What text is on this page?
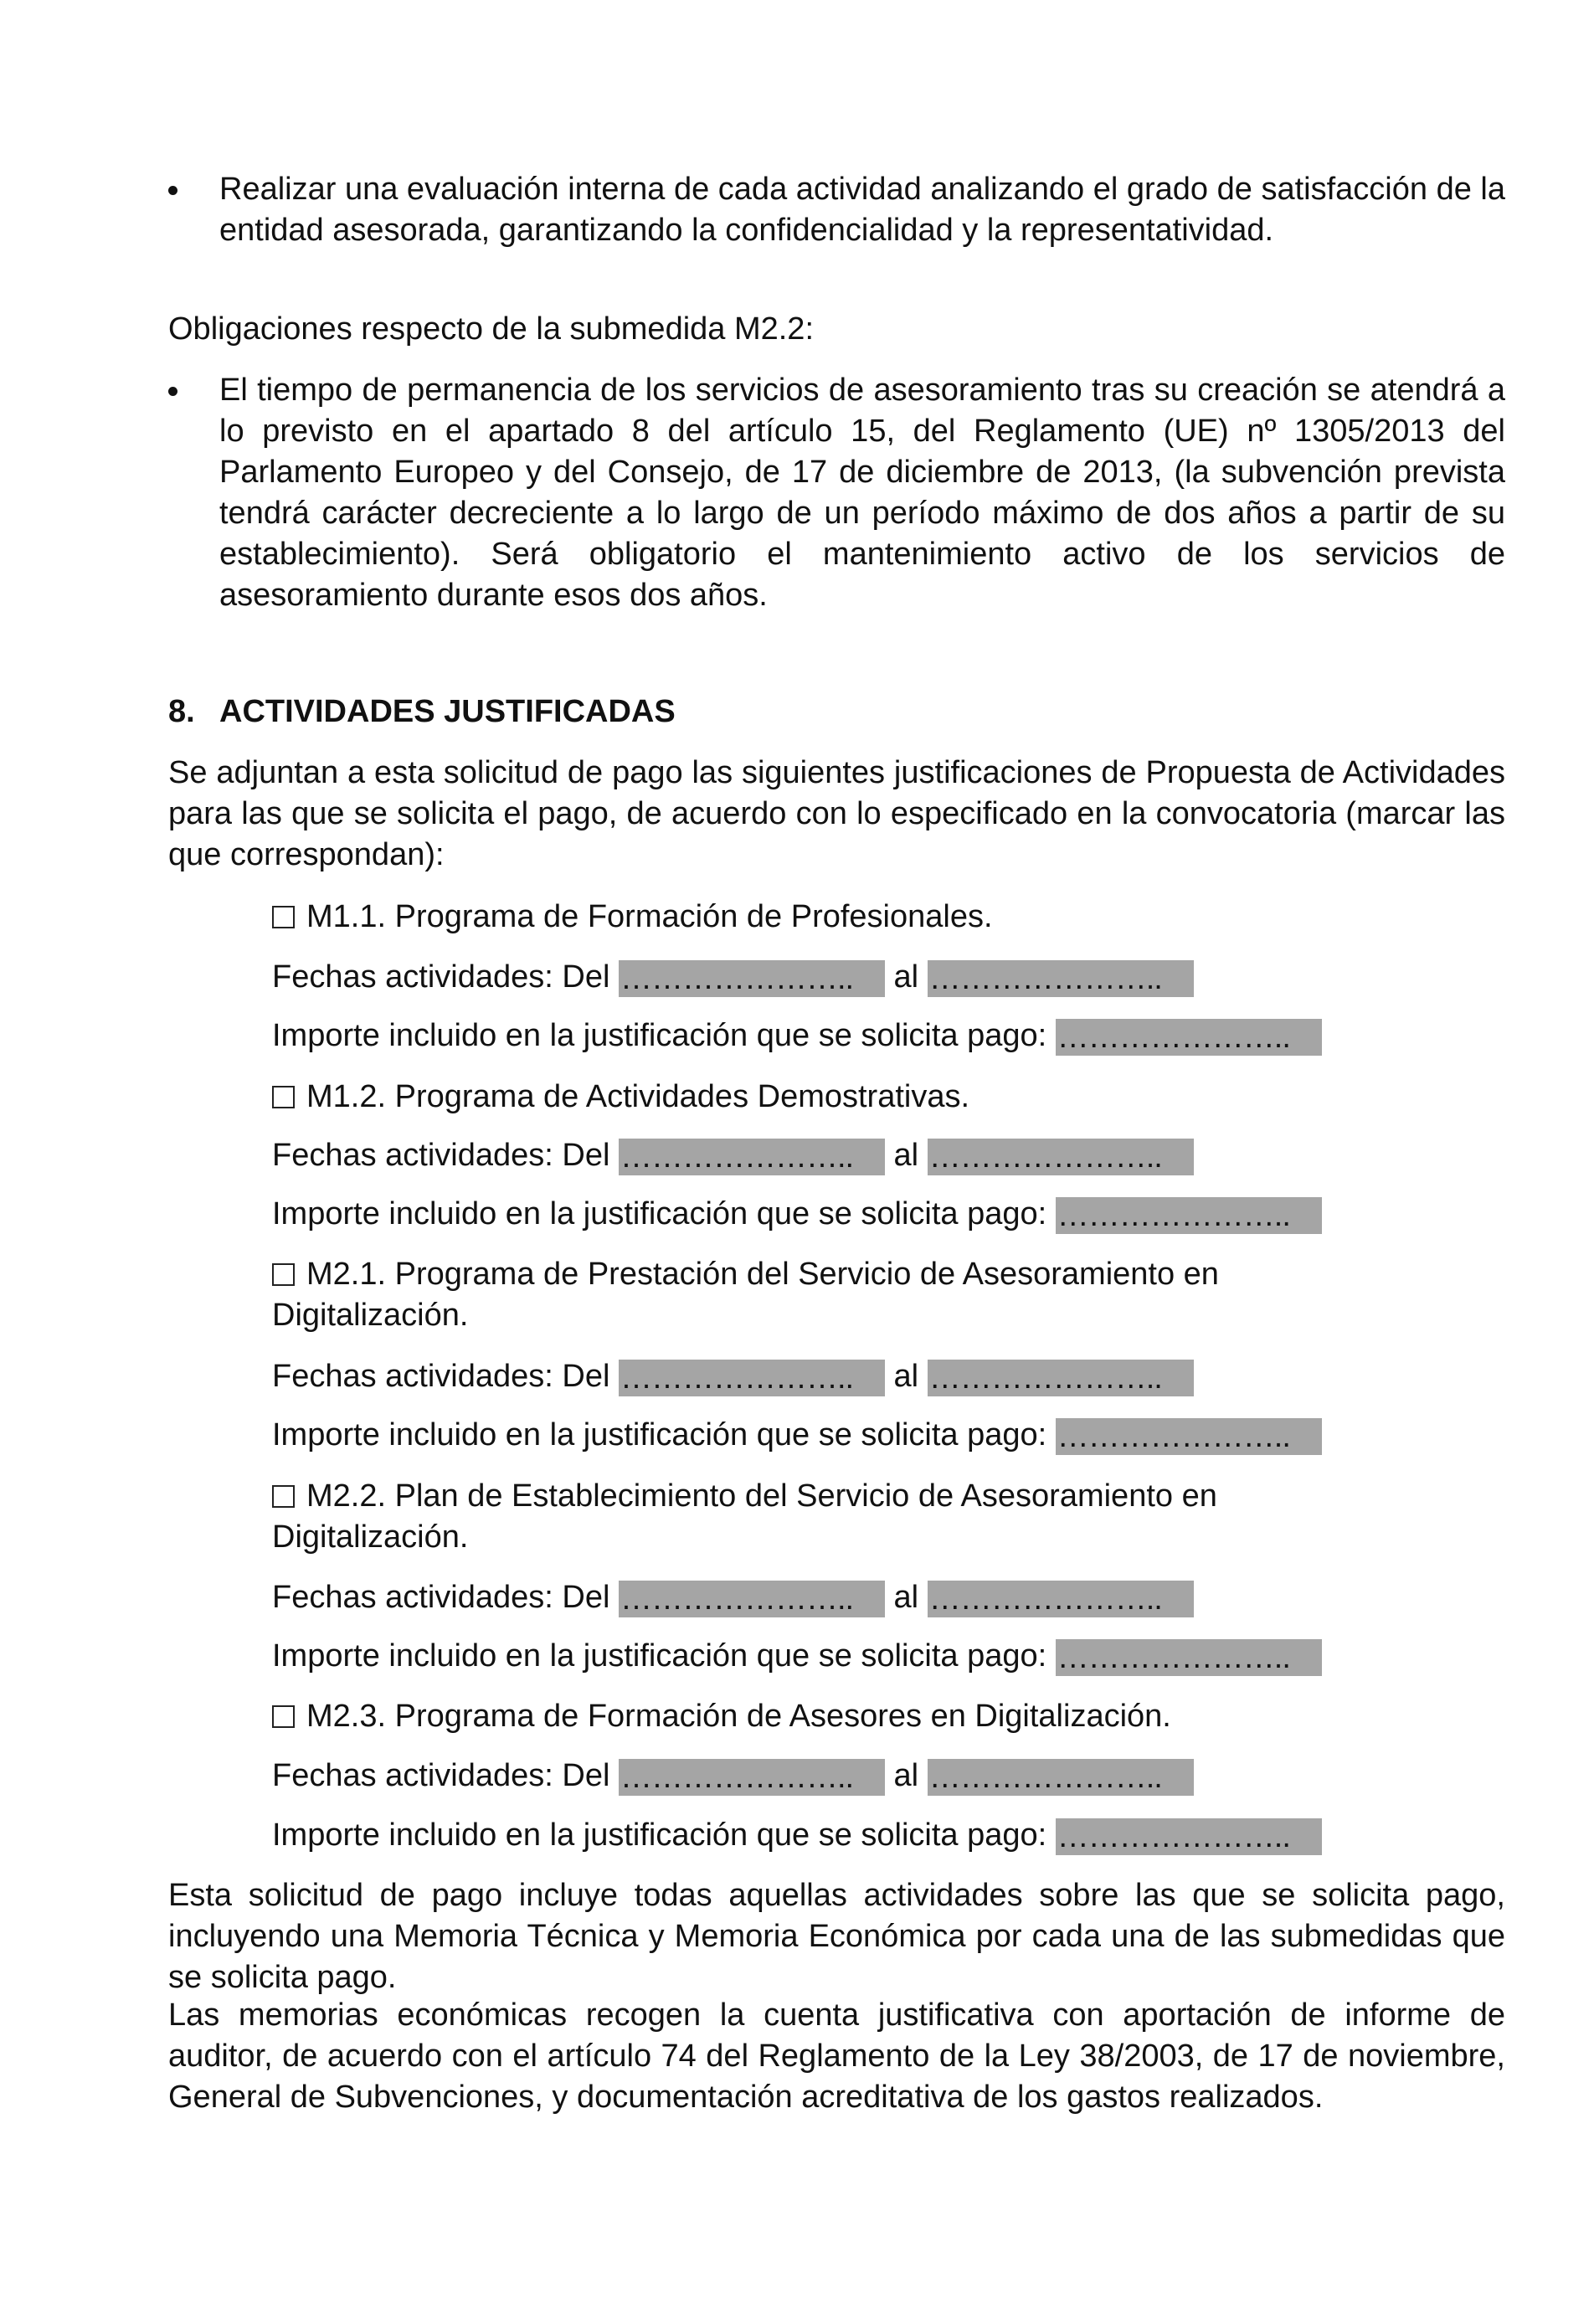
Realizar una evaluación interna de cada actividad analizando el grado de satisfacción de la entidad asesorada, garantizando la confidencialidad y la representatividad.

Obligaciones respecto de la submedida M2.2:

El tiempo de permanencia de los servicios de asesoramiento tras su creación se atendrá a lo previsto en el apartado 8 del artículo 15, del Reglamento (UE) nº 1305/2013 del Parlamento Europeo y del Consejo, de 17 de diciembre de 2013, (la subvención prevista tendrá carácter decreciente a lo largo de un período máximo de dos años a partir de su establecimiento). Será obligatorio el mantenimiento activo de los servicios de asesoramiento durante esos dos años.

8. ACTIVIDADES JUSTIFICADAS

Se adjuntan a esta solicitud de pago las siguientes justificaciones de Propuesta de Actividades para las que se solicita el pago, de acuerdo con lo especificado en la convocatoria (marcar las que correspondan):

M1.1. Programa de Formación de Profesionales.

Fechas actividades: Del ………………….. al …………………..

Importe incluido en la justificación que se solicita pago: …………………..

M1.2. Programa de Actividades Demostrativas.

Fechas actividades: Del ………………….. al …………………..

Importe incluido en la justificación que se solicita pago: …………………..

M2.1. Programa de Prestación del Servicio de Asesoramiento en Digitalización.

Fechas actividades: Del ………………….. al …………………..

Importe incluido en la justificación que se solicita pago: …………………..

M2.2. Plan de Establecimiento del Servicio de Asesoramiento en Digitalización.

Fechas actividades: Del ………………….. al …………………..

Importe incluido en la justificación que se solicita pago: …………………..

M2.3. Programa de Formación de Asesores en Digitalización.

Fechas actividades: Del ………………….. al …………………..

Importe incluido en la justificación que se solicita pago: …………………..

Esta solicitud de pago incluye todas aquellas actividades sobre las que se solicita pago, incluyendo una Memoria Técnica y Memoria Económica por cada una de las submedidas que se solicita pago.

Las memorias económicas recogen la cuenta justificativa con aportación de informe de auditor, de acuerdo con el artículo 74 del Reglamento de la Ley 38/2003, de 17 de noviembre, General de Subvenciones, y documentación acreditativa de los gastos realizados.
